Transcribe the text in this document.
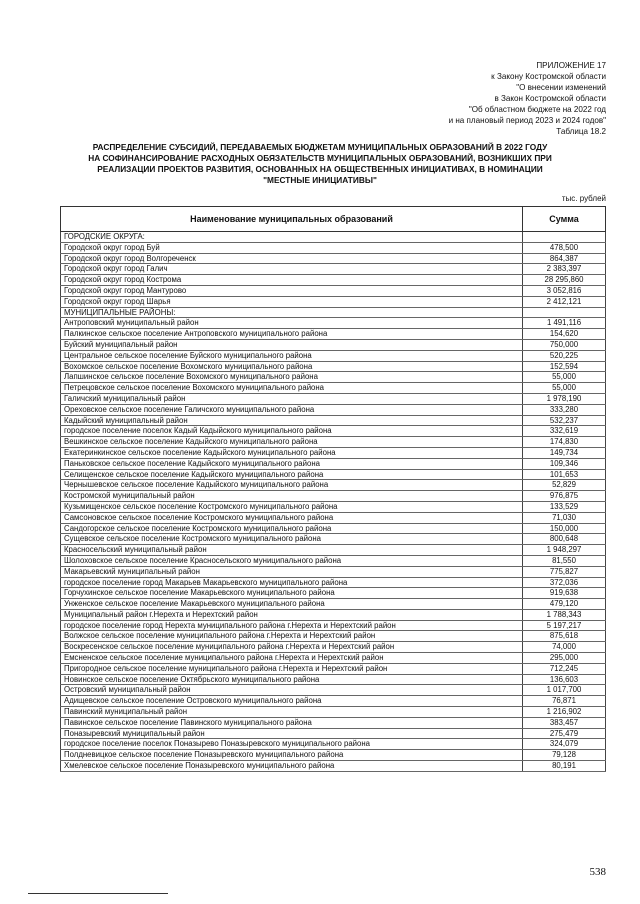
ПРИЛОЖЕНИЕ 17
к Закону Костромской области
"О внесении изменений
в Закон Костромской области
"Об областном бюджете на 2022 год
и на плановый период 2023 и 2024 годов"
Таблица 18.2
РАСПРЕДЕЛЕНИЕ СУБСИДИЙ, ПЕРЕДАВАЕМЫХ БЮДЖЕТАМ МУНИЦИПАЛЬНЫХ ОБРАЗОВАНИЙ В 2022 ГОДУ
НА СОФИНАНСИРОВАНИЕ РАСХОДНЫХ ОБЯЗАТЕЛЬСТВ МУНИЦИПАЛЬНЫХ ОБРАЗОВАНИЙ, ВОЗНИКШИХ ПРИ
РЕАЛИЗАЦИИ ПРОЕКТОВ РАЗВИТИЯ, ОСНОВАННЫХ НА ОБЩЕСТВЕННЫХ ИНИЦИАТИВАХ, В НОМИНАЦИИ
"МЕСТНЫЕ ИНИЦИАТИВЫ"
тыс. рублей
Наименование муниципальных образований	Сумма
ГОРОДСКИЕ ОКРУГА:	
Городской округ город Буй	478,500
Городской округ город Волгореченск	864,387
Городской округ город Галич	2 383,397
Городской округ город Кострома	28 295,860
Городской округ город Мантурово	3 052,816
Городской округ город Шарья	2 412,121
МУНИЦИПАЛЬНЫЕ РАЙОНЫ:	
Антроповский муниципальный район	1 491,116
Палкинское сельское поселение Антроповского муниципального района	154,620
Буйский муниципальный район	750,000
Центральное сельское поселение Буйского муниципального района	520,225
Вохомское сельское поселение Вохомского муниципального района	152,594
Лапшинское сельское поселение Вохомского муниципального района	55,000
Петрецовское сельское поселение Вохомского муниципального района	55,000
Галичский муниципальный район	1 978,190
Ореховское сельское поселение Галичского муниципального района	333,280
Кадыйский муниципальный район	532,237
городское поселение поселок Кадый Кадыйского муниципального района	332,619
Вешкинское сельское поселение Кадыйского муниципального района	174,830
Екатеринкинское сельское поселение Кадыйского муниципального района	149,734
Паньковское сельское поселение Кадыйского муниципального района	109,346
Селищенское сельское поселение Кадыйского муниципального района	101,653
Чернышевское сельское поселение Кадыйского муниципального района	52,829
Костромской муниципальный район	976,875
Кузьмищенское сельское поселение Костромского муниципального района	133,529
Самсоновское сельское поселение Костромского муниципального района	71,030
Сандогорское сельское поселение Костромского муниципального района	150,000
Сущевское сельское поселение Костромского муниципального района	800,648
Красносельский муниципальный район	1 948,297
Шолоховское сельское поселение Красносельского муниципального района	81,550
Макарьевский муниципальный район	775,827
городское поселение город Макарьев Макарьевского муниципального района	372,036
Горчухинское сельское поселение Макарьевского муниципального района	919,638
Унженское сельское поселение Макарьевского муниципального района	479,120
Муниципальный район г.Нерехта и Нерехтский район	1 788,343
городское поселение город Нерехта муниципального района г.Нерехта и Нерехтский район	5 197,217
Волжское сельское поселение муниципального района г.Нерехта и Нерехтский район	875,618
Воскресенское сельское поселение муниципального района г.Нерехта и Нерехтский район	74,000
Емсненское сельское поселение муниципального района г.Нерехта и Нерехтский район	295,000
Пригородное сельское поселение муниципального района г.Нерехта и Нерехтский район	712,245
Новинское сельское поселение Октябрьского муниципального района	136,603
Островский муниципальный район	1 017,700
Адищевское сельское поселение Островского муниципального района	76,871
Павинский муниципальный район	1 216,902
Павинское сельское поселение Павинского муниципального района	383,457
Поназыревский муниципальный район	275,479
городское поселение поселок Поназырево Поназыревского муниципального района	324,079
Полдневицкое сельское поселение Поназыревского муниципального района	79,128
Хмелевское сельское поселение Поназыревского муниципального района	80,191
538
